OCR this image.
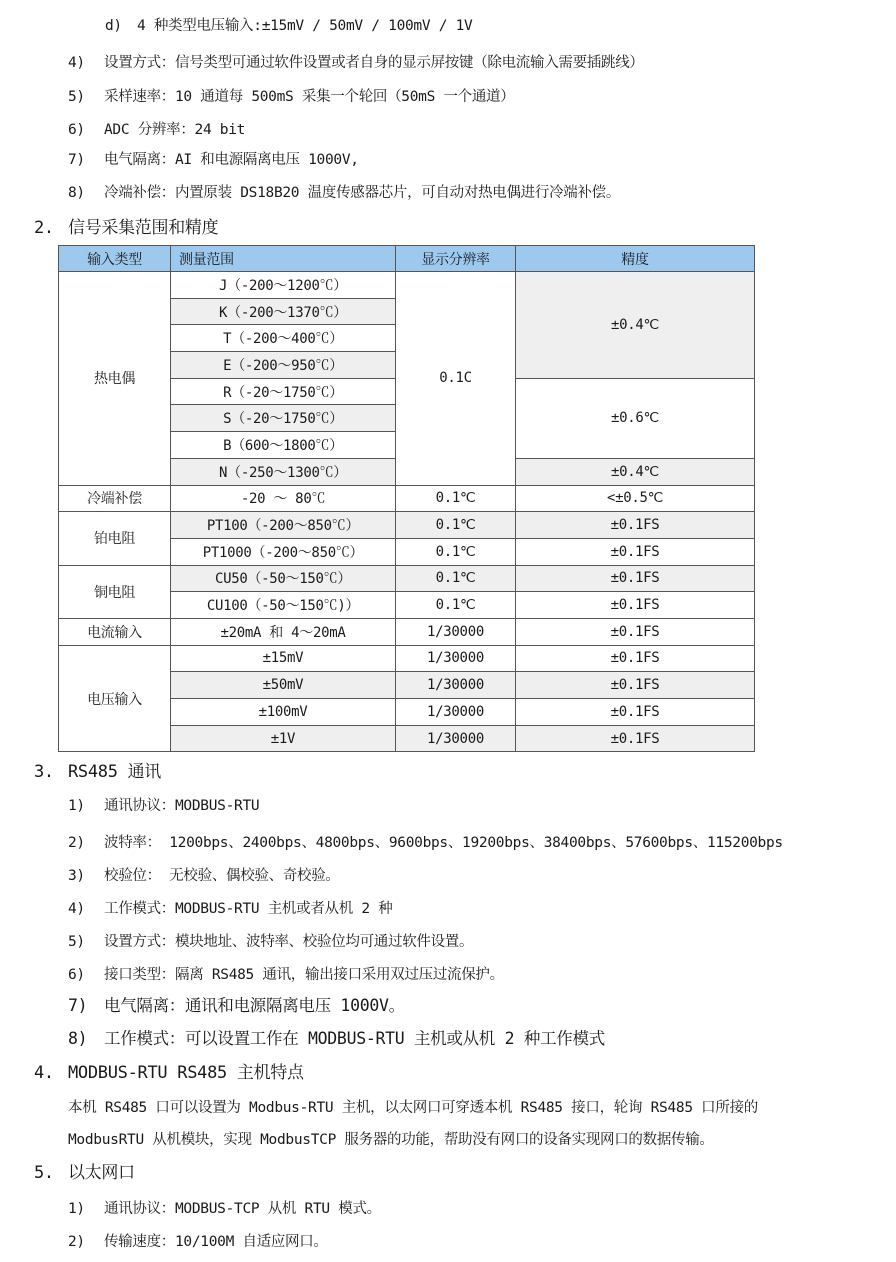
输入类型	测量范围	显示分辨率	精度
热电偶	J（-200～1200℃）	0.1C	±0.4℃
	K（-200～1370℃）		
	T（-200～400℃）		
	E（-200～950℃）		
	R（-20～1750℃）		±0.6℃
	S（-20～1750℃）		
	B（600～1800℃）		
	N（-250～1300℃）		±0.4℃
冷端补偿	-20 ～ 80℃	0.1℃	<±0.5℃
铂电阻	PT100（-200～850℃）	0.1℃	±0.1FS
	PT1000（-200～850℃）	0.1℃	±0.1FS
铜电阻	CU50（-50～150℃）	0.1℃	±0.1FS
	CU100（-50～150℃)）	0.1℃	±0.1FS
电流输入	±20mA 和 4～20mA	1/30000	±0.1FS
电压输入	±15mV	1/30000	±0.1FS
	±50mV	1/30000	±0.1FS
	±100mV	1/30000	±0.1FS
	±1V	1/30000	±0.1FS
d) 4 种类型电压输入:±15mV / 50mV / 100mV / 1V
4) 设置方式：信号类型可通过软件设置或者自身的显示屏按键（除电流输入需要插跳线）
5) 采样速率：10 通道每 500mS 采集一个轮回（50mS 一个通道）
6) ADC 分辨率：24 bit
7) 电气隔离：AI 和电源隔离电压 1000V,
8) 冷端补偿：内置原装 DS18B20 温度传感器芯片，可自动对热电偶进行冷端补偿。
2. 信号采集范围和精度
3. RS485 通讯
1) 通讯协议：MODBUS-RTU
2) 波特率： 1200bps、2400bps、4800bps、9600bps、19200bps、38400bps、57600bps、115200bps
3) 校验位： 无校验、偶校验、奇校验。
4) 工作模式：MODBUS-RTU 主机或者从机 2 种
5) 设置方式：模块地址、波特率、校验位均可通过软件设置。
6) 接口类型：隔离 RS485 通讯，输出接口采用双过压过流保护。
7) 电气隔离：通讯和电源隔离电压 1000V。
8) 工作模式：可以设置工作在 MODBUS-RTU 主机或从机 2 种工作模式
4. MODBUS-RTU RS485 主机特点
本机 RS485 口可以设置为 Modbus-RTU 主机，以太网口可穿透本机 RS485 接口，轮询 RS485 口所接的
ModbusRTU 从机模块，实现 ModbusTCP 服务器的功能，帮助没有网口的设备实现网口的数据传输。
5. 以太网口
1) 通讯协议：MODBUS-TCP 从机 RTU 模式。
2) 传输速度：10/100M 自适应网口。
